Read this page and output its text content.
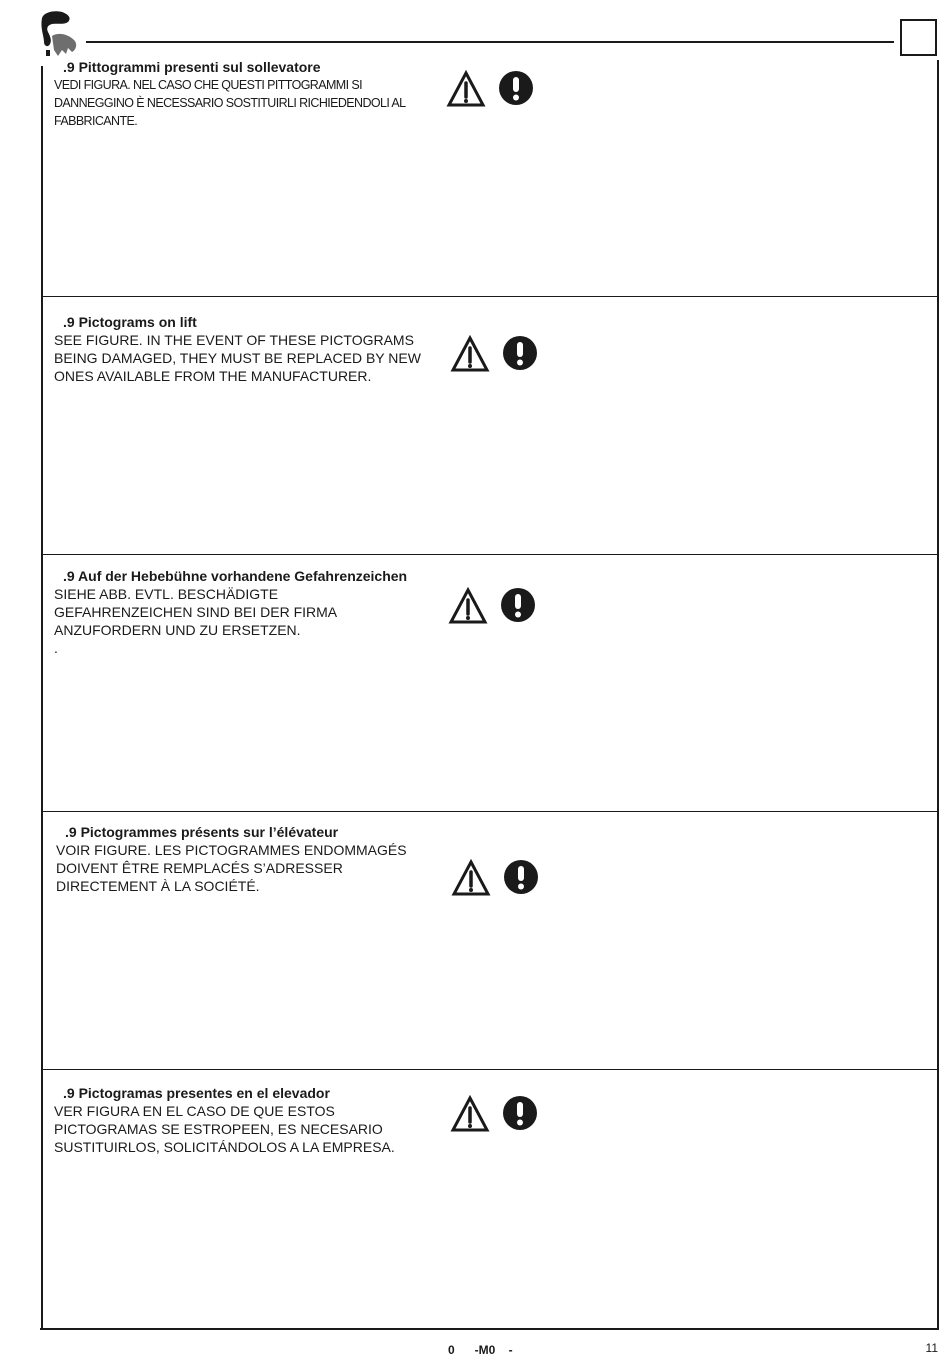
.9 Pittogrammi presenti sul sollevatore
VEDI FIGURA. NEL CASO CHE QUESTI PITTOGRAMMI SI
DANNEGGINO È NECESSARIO SOSTITUIRLI RICHIEDENDOLI AL
FABBRICANTE.
.9 Pictograms on lift
SEE FIGURE. IN THE EVENT OF THESE PICTOGRAMS
BEING DAMAGED, THEY MUST BE REPLACED BY NEW
ONES AVAILABLE FROM THE MANUFACTURER.
.9 Auf der Hebebühne vorhandene Gefahrenzeichen
SIEHE ABB. EVTL. BESCHÄDIGTE
GEFAHRENZEICHEN SIND BEI DER FIRMA
ANZUFORDERN UND ZU ERSETZEN.
.
.9 Pictogrammes présents sur l’élévateur
VOIR FIGURE. LES PICTOGRAMMES ENDOMMAGÉS
DOIVENT ÊTRE REMPLACÉS S’ADRESSER
DIRECTEMENT À LA SOCIÉTÉ.
.9 Pictogramas presentes en el elevador
VER FIGURA EN EL CASO DE QUE ESTOS
PICTOGRAMAS SE ESTROPEEN, ES NECESARIO
SUSTITUIRLOS, SOLICITÁNDOLOS A LA EMPRESA.
0      -M0    -	11
